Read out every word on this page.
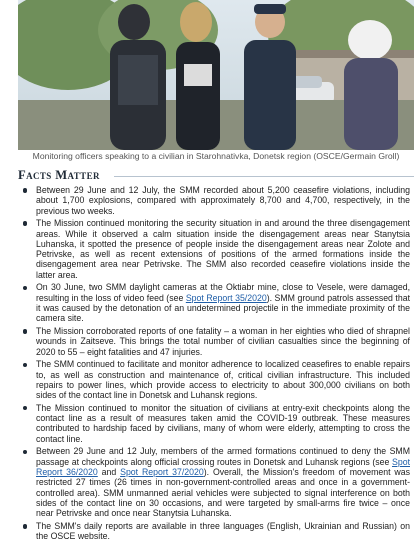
Monitoring officers speaking to a civilian in Starohnativka, Donetsk region (OSCE/Germain Groll)
Facts Matter
Between 29 June and 12 July, the SMM recorded about 5,200 ceasefire violations, including about 1,700 explosions, compared with approximately 8,700 and 4,700, respectively, in the previous two weeks.
The Mission continued monitoring the security situation in and around the three disengagement areas. While it observed a calm situation inside the disengagement areas near Stanytsia Luhanska, it spotted the presence of people inside the disengagement areas near Zolote and Petrivske, as well as recent extensions of positions of the armed formations inside the disengagement area near Petrivske. The SMM also recorded ceasefire violations inside the latter area.
On 30 June, two SMM daylight cameras at the Oktiabr mine, close to Vesele, were damaged, resulting in the loss of video feed (see Spot Report 35/2020). SMM ground patrols assessed that it was caused by the detonation of an undetermined projectile in the immediate proximity of the camera site.
The Mission corroborated reports of one fatality – a woman in her eighties who died of shrapnel wounds in Zaitseve. This brings the total number of civilian casualties since the beginning of 2020 to 55 – eight fatalities and 47 injuries.
The SMM continued to facilitate and monitor adherence to localized ceasefires to enable repairs to, as well as construction and maintenance of, critical civilian infrastructure. This included repairs to power lines, which provide access to electricity to about 300,000 civilians on both sides of the contact line in Donetsk and Luhansk regions.
The Mission continued to monitor the situation of civilians at entry-exit checkpoints along the contact line as a result of measures taken amid the COVID-19 outbreak. These measures contributed to hardship faced by civilians, many of whom were elderly, attempting to cross the contact line.
Between 29 June and 12 July, members of the armed formations continued to deny the SMM passage at checkpoints along official crossing routes in Donetsk and Luhansk regions (see Spot Report 36/2020 and Spot Report 37/2020). Overall, the Mission's freedom of movement was restricted 27 times (26 times in non-government-controlled areas and once in a government-controlled area). SMM unmanned aerial vehicles were subjected to signal interference on both sides of the contact line on 30 occasions, and were targeted by small-arms fire twice – once near Petrivske and once near Stanytsia Luhanska.
The SMM's daily reports are available in three languages (English, Ukrainian and Russian) on the OSCE website.
